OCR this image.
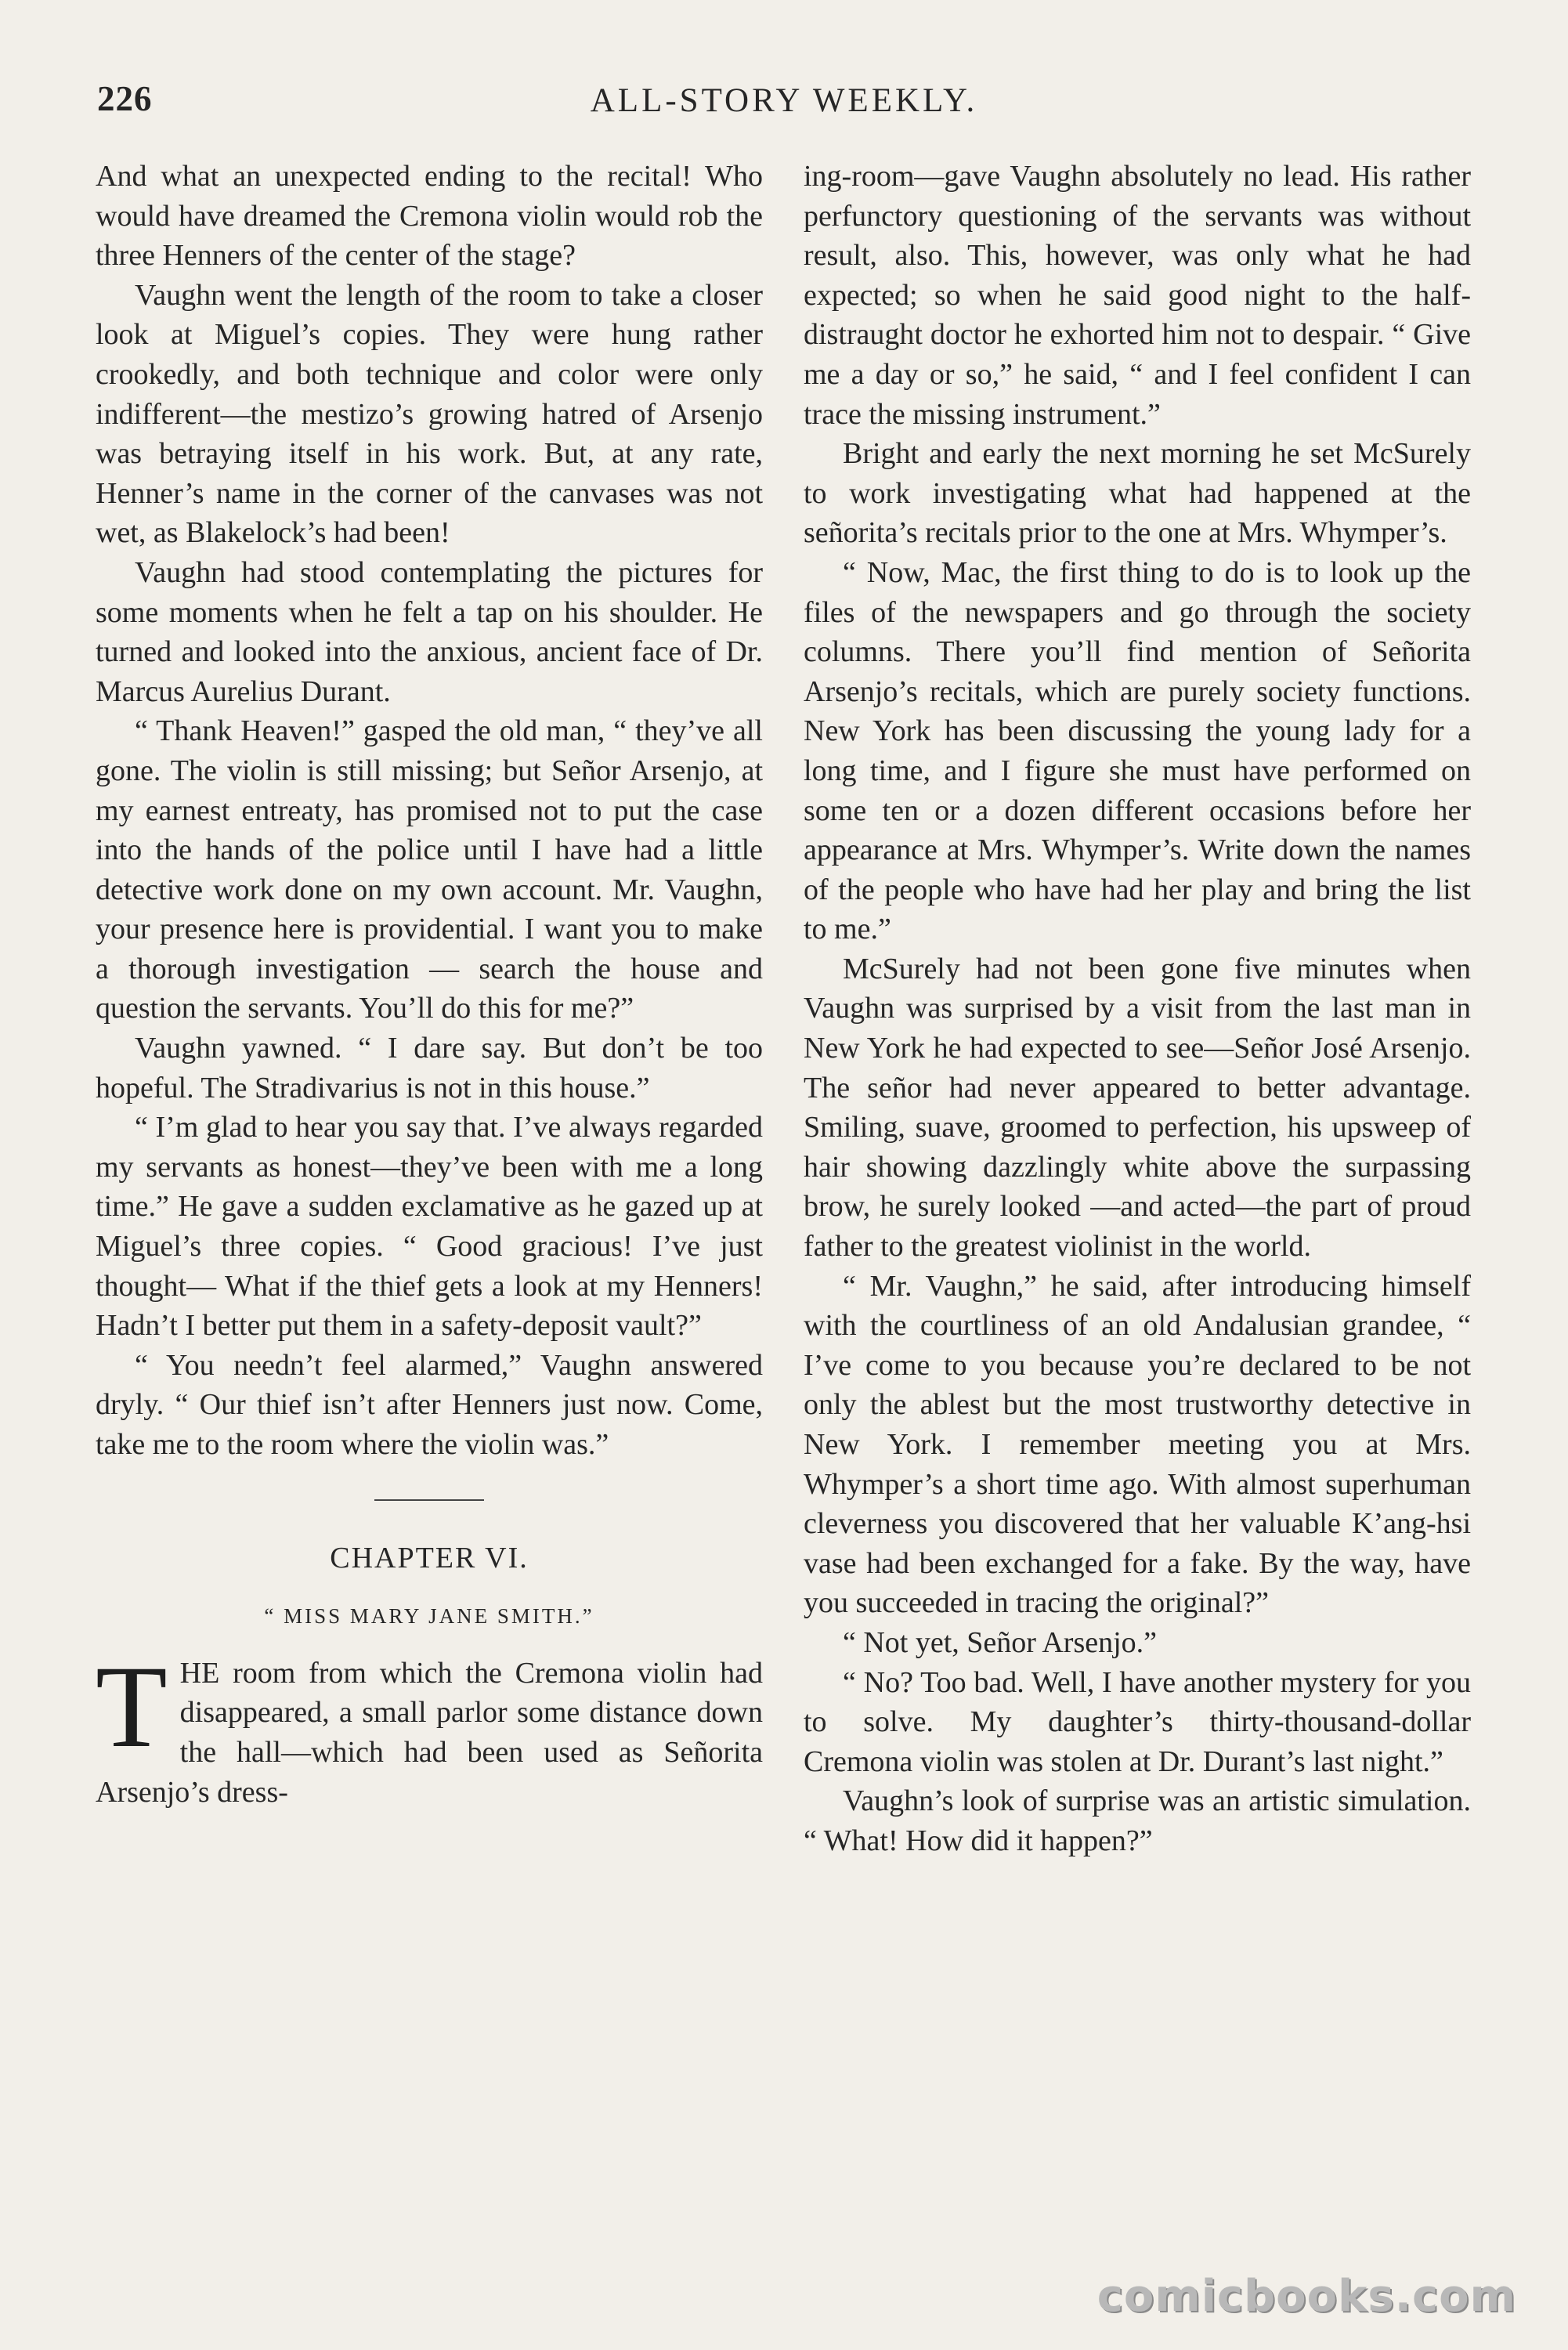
226	ALL-STORY WEEKLY.

And what an unexpected ending to the recital! Who would have dreamed the Cremona violin would rob the three Henners of the center of the stage?

Vaughn went the length of the room to take a closer look at Miguel’s copies. They were hung rather crookedly, and both technique and color were only indifferent—the mestizo’s growing hatred of Arsenjo was betraying itself in his work. But, at any rate, Henner’s name in the corner of the canvases was not wet, as Blakelock’s had been!

Vaughn had stood contemplating the pictures for some moments when he felt a tap on his shoulder. He turned and looked into the anxious, ancient face of Dr. Marcus Aurelius Durant.

“ Thank Heaven!” gasped the old man, “ they’ve all gone. The violin is still missing; but Señor Arsenjo, at my earnest entreaty, has promised not to put the case into the hands of the police until I have had a little detective work done on my own account. Mr. Vaughn, your presence here is providential. I want you to make a thorough investigation — search the house and question the servants. You’ll do this for me?”

Vaughn yawned. “ I dare say. But don’t be too hopeful. The Stradivarius is not in this house.”

“ I’m glad to hear you say that. I’ve always regarded my servants as honest—they’ve been with me a long time.” He gave a sudden exclamative as he gazed up at Miguel’s three copies. “ Good gracious! I’ve just thought— What if the thief gets a look at my Henners! Hadn’t I better put them in a safety-deposit vault?”

“ You needn’t feel alarmed,” Vaughn answered dryly. “ Our thief isn’t after Henners just now. Come, take me to the room where the violin was.”

CHAPTER VI.
“ MISS MARY JANE SMITH.”

THE room from which the Cremona violin had disappeared, a small parlor some distance down the hall—which had been used as Señorita Arsenjo’s dress-

ing-room—gave Vaughn absolutely no lead. His rather perfunctory questioning of the servants was without result, also. This, however, was only what he had expected; so when he said good night to the half-distraught doctor he exhorted him not to despair. “ Give me a day or so,” he said, “ and I feel confident I can trace the missing instrument.”

Bright and early the next morning he set McSurely to work investigating what had happened at the señorita’s recitals prior to the one at Mrs. Whymper’s.

“ Now, Mac, the first thing to do is to look up the files of the newspapers and go through the society columns. There you’ll find mention of Señorita Arsenjo’s recitals, which are purely society functions. New York has been discussing the young lady for a long time, and I figure she must have performed on some ten or a dozen different occasions before her appearance at Mrs. Whymper’s. Write down the names of the people who have had her play and bring the list to me.”

McSurely had not been gone five minutes when Vaughn was surprised by a visit from the last man in New York he had expected to see—Señor José Arsenjo. The señor had never appeared to better advantage. Smiling, suave, groomed to perfection, his upsweep of hair showing dazzlingly white above the surpassing brow, he surely looked —and acted—the part of proud father to the greatest violinist in the world.

“ Mr. Vaughn,” he said, after introducing himself with the courtliness of an old Andalusian grandee, “ I’ve come to you because you’re declared to be not only the ablest but the most trustworthy detective in New York. I remember meeting you at Mrs. Whymper’s a short time ago. With almost superhuman cleverness you discovered that her valuable K’ang-hsi vase had been exchanged for a fake. By the way, have you succeeded in tracing the original?”

“ Not yet, Señor Arsenjo.”

“ No? Too bad. Well, I have another mystery for you to solve. My daughter’s thirty-thousand-dollar Cremona violin was stolen at Dr. Durant’s last night.”

Vaughn’s look of surprise was an artistic simulation. “ What! How did it happen?”

comicbooks.com
